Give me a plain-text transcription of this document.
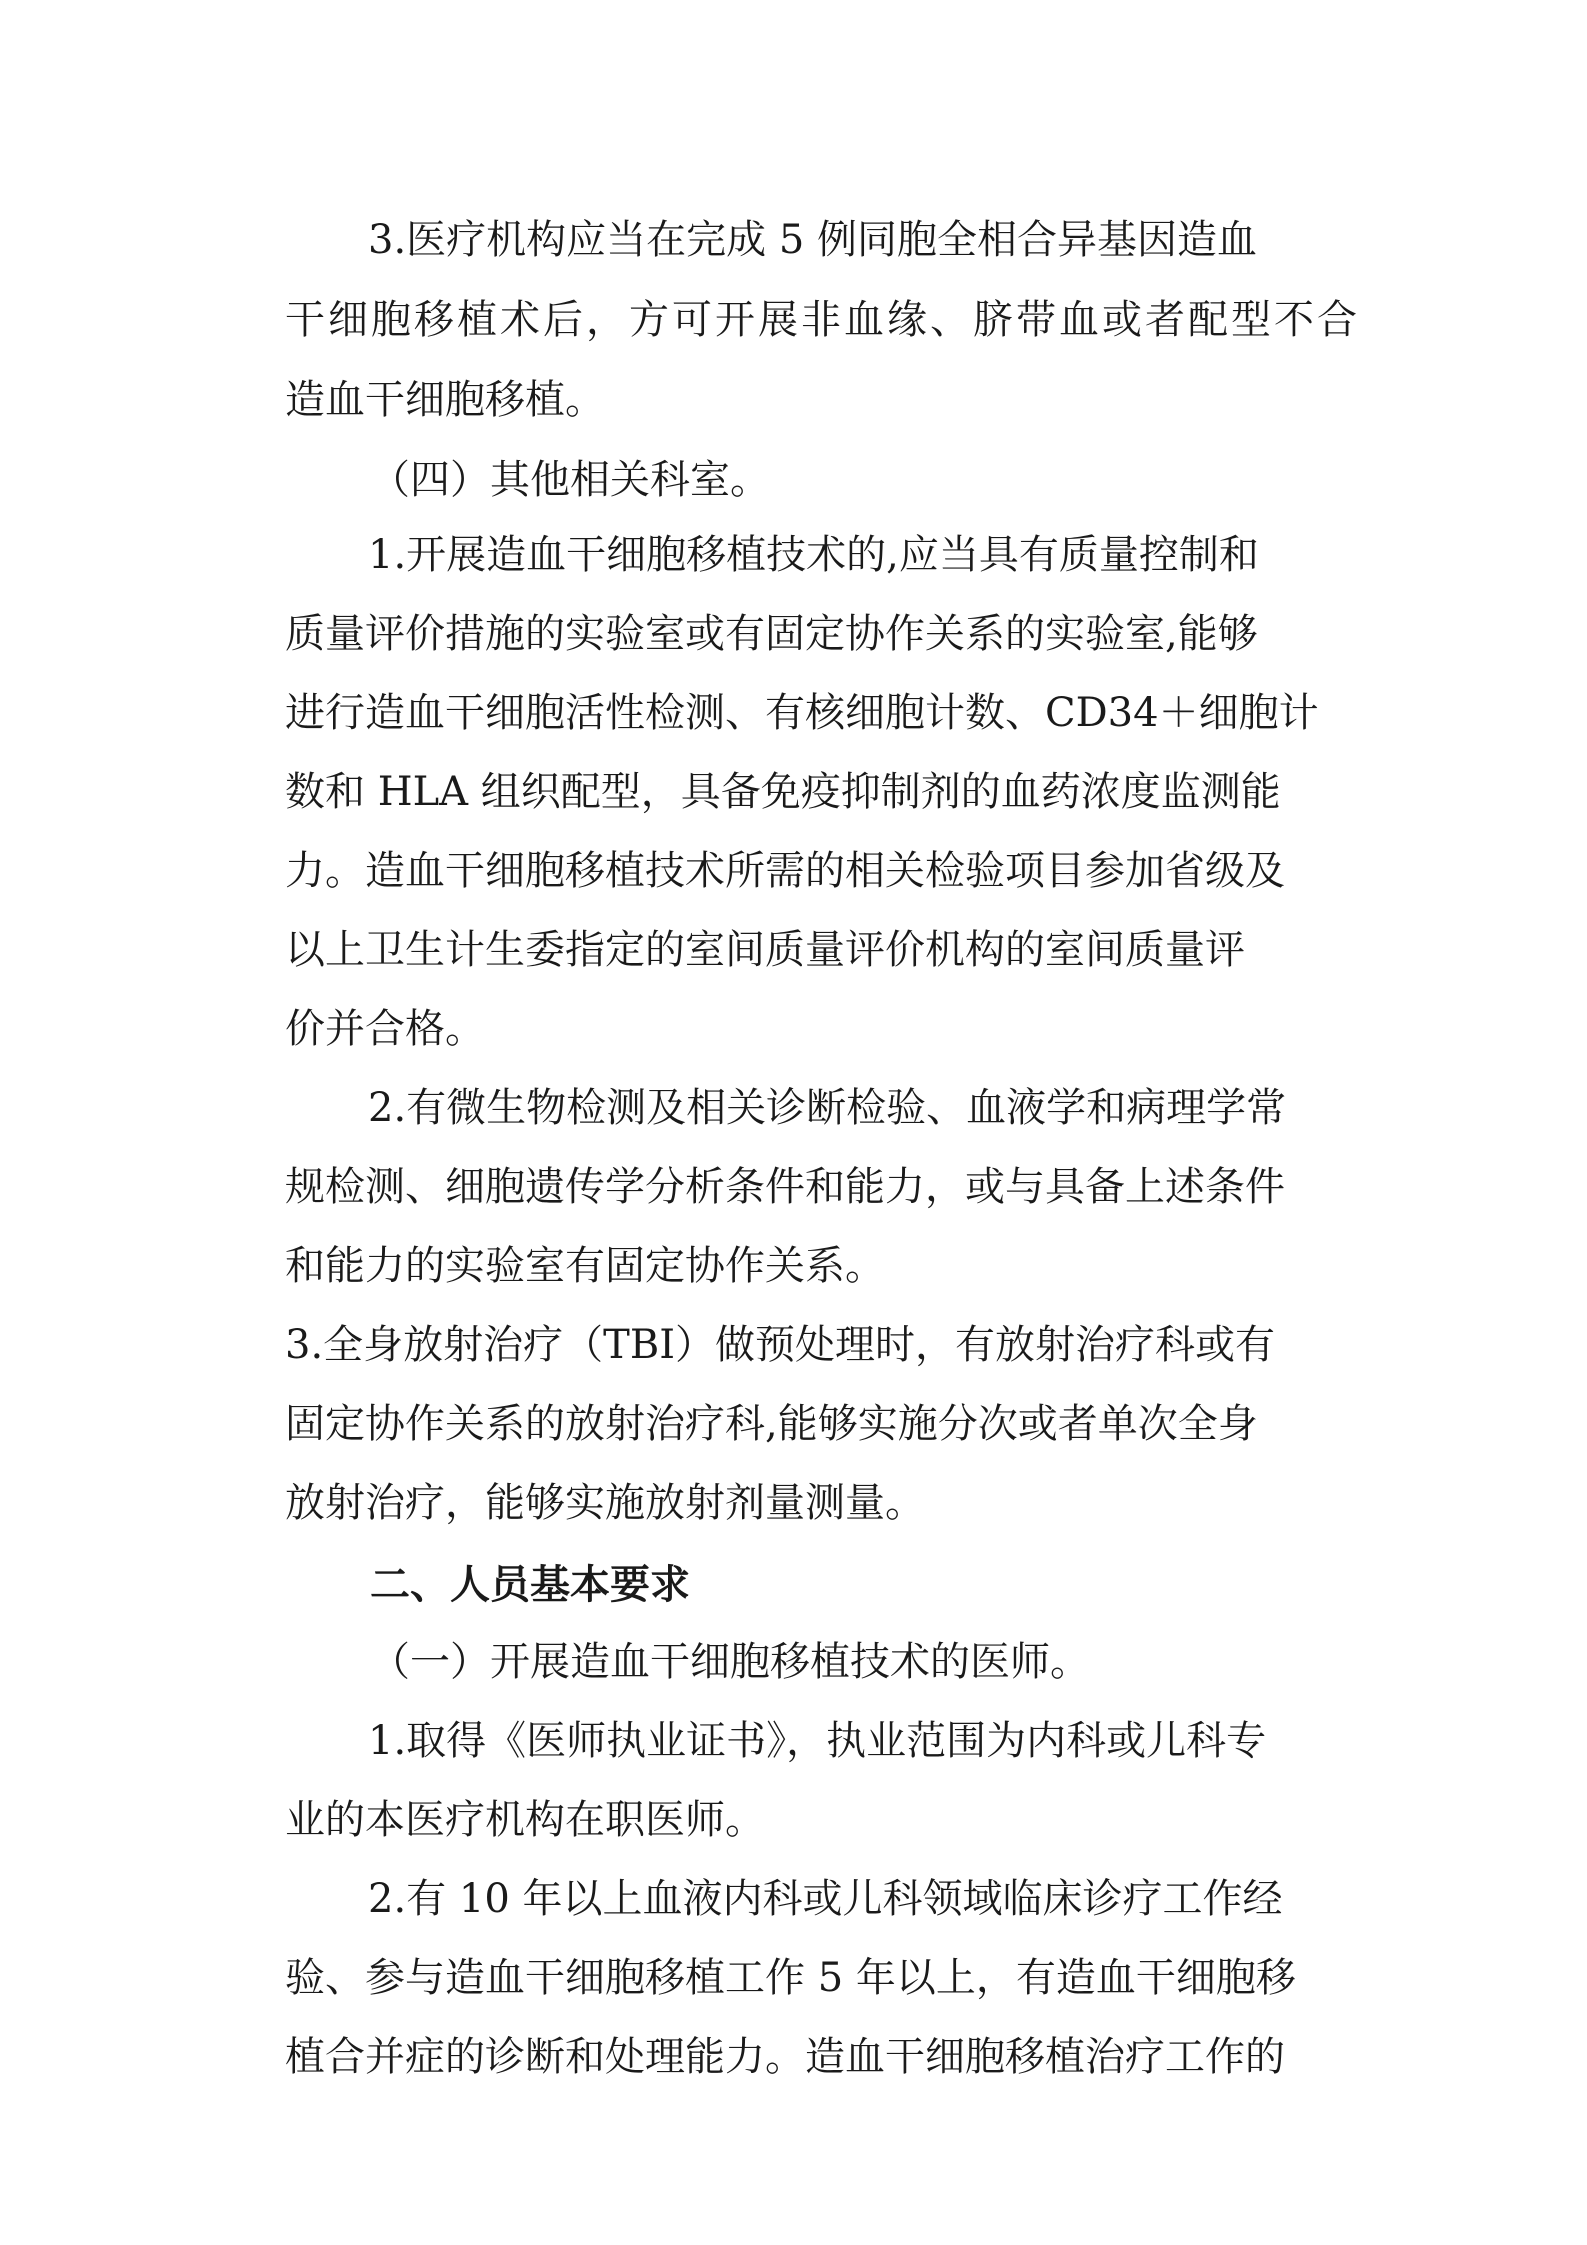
3.医疗机构应当在完成 5 例同胞全相合异基因造血

干细胞移植术后，方可开展非血缘、脐带血或者配型不合

造血干细胞移植。

（四）其他相关科室。

1.开展造血干细胞移植技术的,应当具有质量控制和

质量评价措施的实验室或有固定协作关系的实验室,能够

进行造血干细胞活性检测、有核细胞计数、CD34＋细胞计

数和 HLA 组织配型，具备免疫抑制剂的血药浓度监测能

力。造血干细胞移植技术所需的相关检验项目参加省级及

以上卫生计生委指定的室间质量评价机构的室间质量评

价并合格。

2.有微生物检测及相关诊断检验、血液学和病理学常

规检测、细胞遗传学分析条件和能力，或与具备上述条件

和能力的实验室有固定协作关系。

3.全身放射治疗（TBI）做预处理时，有放射治疗科或有

固定协作关系的放射治疗科,能够实施分次或者单次全身

放射治疗，能够实施放射剂量测量。

二、人员基本要求

（一）开展造血干细胞移植技术的医师。

1.取得《医师执业证书》，执业范围为内科或儿科专

业的本医疗机构在职医师。

2.有 10 年以上血液内科或儿科领域临床诊疗工作经

验、参与造血干细胞移植工作 5 年以上，有造血干细胞移

植合并症的诊断和处理能力。造血干细胞移植治疗工作的
